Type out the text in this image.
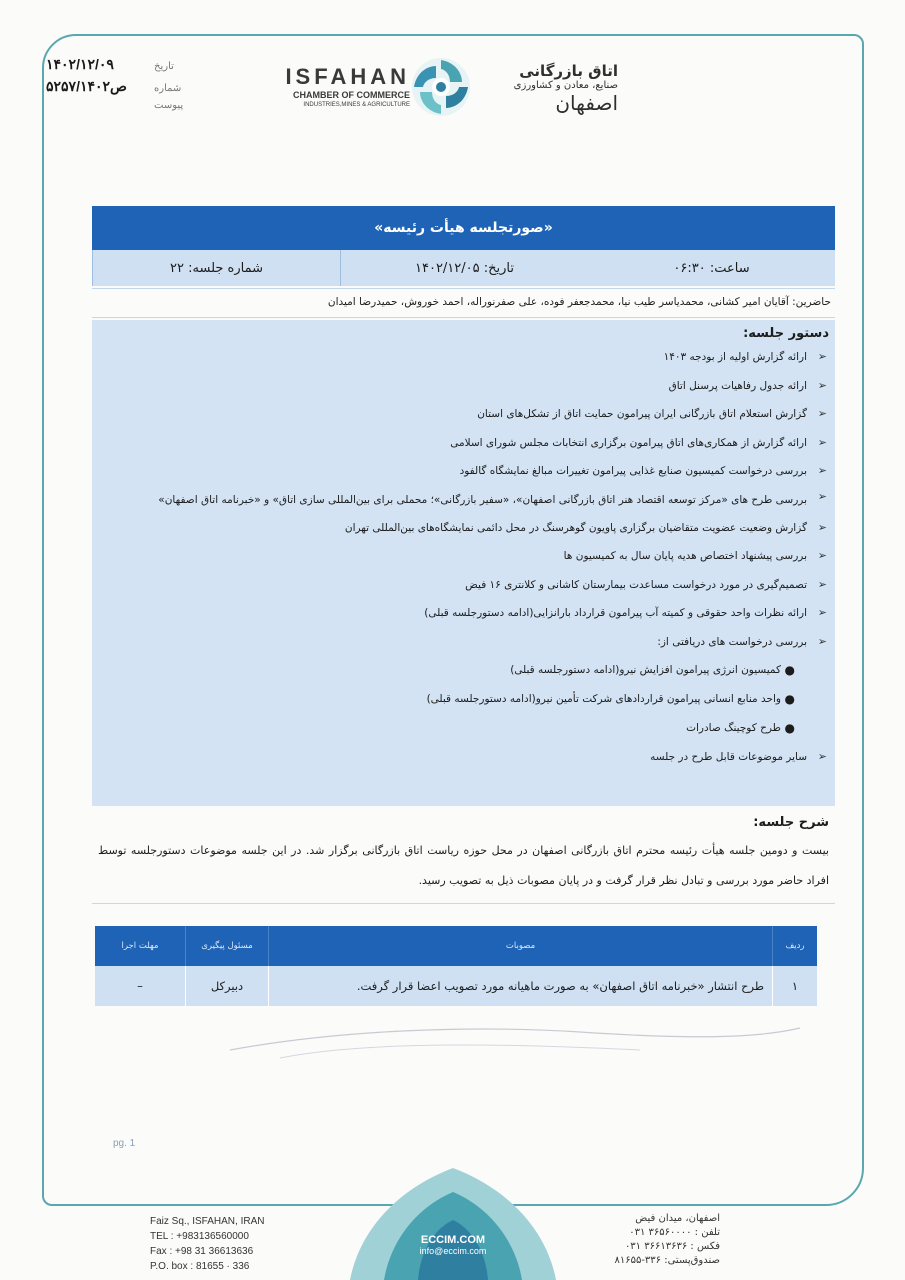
۱۴۰۲/۱۲/۰۹	تاریخ
۵۲۵۷/ص۱۴۰۲	شماره
پیوست
ISFAHAN
CHAMBER OF COMMERCE
INDUSTRIES,MINES & AGRICULTURE
اتاق بازرگانی
صنایع، معادن و کشاورزی
اصفهان
«صورتجلسه هیأت رئیسه»
شماره جلسه: ۲۲	تاریخ: ۱۴۰۲/۱۲/۰۵	ساعت: ۰۶:۳۰
حاضرین: آقایان امیر کشانی، محمدیاسر طیب نیا، محمدجعفر فوده، علی صفرنوراله، احمد خوروش، حمیدرضا امیدان
دستور جلسه:
➢
ارائه گزارش اولیه از بودجه ۱۴۰۳
➢
ارائه جدول رفاهیات پرسنل اتاق
➢
گزارش استعلام اتاق بازرگانی ایران پیرامون حمایت اتاق از تشکل‌های استان
➢
ارائه گزارش از همکاری‌های اتاق پیرامون برگزاری انتخابات مجلس شورای اسلامی
➢
بررسی درخواست کمیسیون صنایع غذایی پیرامون تغییرات مبالغ نمایشگاه گالفود
➢
بررسی طرح های «مرکز توسعه اقتصاد هنر اتاق بازرگانی اصفهان»، «سفیر بازرگانی»؛ محملی برای بین‌المللی سازی اتاق» و «خبرنامه اتاق اصفهان»
➢
گزارش وضعیت عضویت متقاضیان برگزاری پاویون گوهرسنگ در محل دائمی نمایشگاه‌های بین‌المللی تهران
➢
بررسی پیشنهاد اختصاص هدیه پایان سال به کمیسیون ها
➢
تصمیم‌گیری در مورد درخواست مساعدت بیمارستان کاشانی و کلانتری ۱۶ فیض
➢
ارائه نظرات واحد حقوقی و کمیته آب پیرامون قرارداد بارانزایی(ادامه دستورجلسه قبلی)
➢
بررسی درخواست های دریافتی از:
●
کمیسیون انرژی پیرامون افزایش نیرو(ادامه دستورجلسه قبلی)
●
واحد منابع انسانی پیرامون قراردادهای شرکت تأمین نیرو(ادامه دستورجلسه قبلی)
●
طرح کوچینگ صادرات
➢
سایر موضوعات قابل طرح در جلسه
شرح جلسه:
بیست و دومین جلسه هیأت رئیسه محترم اتاق بازرگانی اصفهان در محل حوزه ریاست اتاق بازرگانی برگزار شد. در این جلسه موضوعات دستورجلسه توسط افراد حاضر مورد بررسی و تبادل نظر قرار گرفت و در پایان مصوبات ذیل به تصویب رسید.
ردیف	مصوبات	مسئول پیگیری	مهلت اجرا
۱	طرح انتشار «خبرنامه اتاق اصفهان» به صورت ماهیانه مورد تصویب اعضا قرار گرفت.	دبیرکل	–
pg. 1
Faiz Sq., ISFAHAN, IRAN
TEL : +983136560000
Fax : +98 31 36613636
P.O. box : 81655 · 336
ECCIM.COM
info@eccim.com
اصفهان، میدان فیض
تلفن : ۳۶۵۶۰۰۰۰ ۰۳۱
فکس : ۳۶۶۱۳۶۳۶ ۰۳۱
صندوق‌پستی: ۳۳۶-۸۱۶۵۵
